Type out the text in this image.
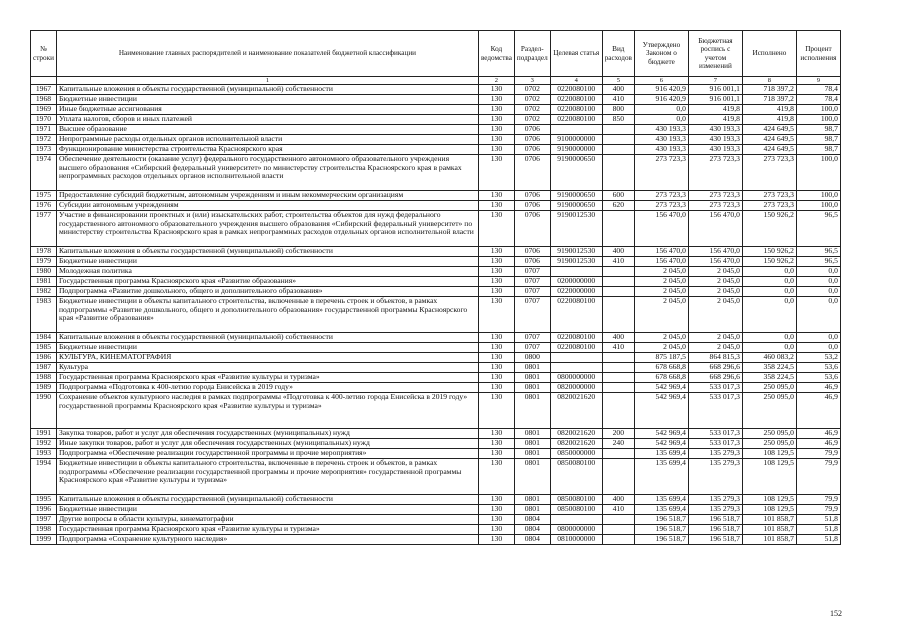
№
строки	Наименование главных распорядителей и наименование показателей бюджетной классификации	Код ведомства	Раздел-подраздел	Целевая статья	Вид расходов	Утверждено Законом о бюджете	Бюджетная роспись с учетом изменений	Исполнено	Процент исполнения
	1	2	3	4	5	6	7	8	9
1967	Капитальные вложения в объекты государственной (муниципальной) собственности	130	0702	0220080100	400	916 420,9	916 001,1	718 397,2	78,4
1968	Бюджетные инвестиции	130	0702	0220080100	410	916 420,9	916 001,1	718 397,2	78,4
1969	Иные бюджетные ассигнования	130	0702	0220080100	800	0,0	419,8	419,8	100,0
1970	Уплата налогов, сборов и иных платежей	130	0702	0220080100	850	0,0	419,8	419,8	100,0
1971	Высшее образование	130	0706			430 193,3	430 193,3	424 649,5	98,7
1972	Непрограммные расходы отдельных органов исполнительной власти	130	0706	9100000000		430 193,3	430 193,3	424 649,5	98,7
1973	Функционирование министерства строительства Красноярского края	130	0706	9190000000		430 193,3	430 193,3	424 649,5	98,7
1974	Обеспечение деятельности (оказание услуг) федерального государственного автономного образовательного учреждения высшего образования «Сибирский федеральный университет» по министерству строительства Красноярского края в рамках непрограммных расходов отдельных органов исполнительной власти	130	0706	9190000650		273 723,3	273 723,3	273 723,3	100,0
1975	Предоставление субсидий бюджетным, автономным учреждениям и иным некоммерческим организациям	130	0706	9190000650	600	273 723,3	273 723,3	273 723,3	100,0
1976	Субсидии автономным учреждениям	130	0706	9190000650	620	273 723,3	273 723,3	273 723,3	100,0
1977	Участие в финансировании проектных и (или) изыскательских работ, строительства объектов для нужд федерального государственного автономного образовательного учреждения высшего образования «Сибирский федеральный университет» по министерству строительства Красноярского края в рамках непрограммных расходов отдельных органов исполнительной власти	130	0706	9190012530		156 470,0	156 470,0	150 926,2	96,5
1978	Капитальные вложения в объекты государственной (муниципальной) собственности	130	0706	9190012530	400	156 470,0	156 470,0	150 926,2	96,5
1979	Бюджетные инвестиции	130	0706	9190012530	410	156 470,0	156 470,0	150 926,2	96,5
1980	Молодежная политика	130	0707			2 045,0	2 045,0	0,0	0,0
1981	Государственная программа Красноярского края «Развитие образования»	130	0707	0200000000		2 045,0	2 045,0	0,0	0,0
1982	Подпрограмма «Развитие дошкольного, общего и дополнительного образования»	130	0707	0220000000		2 045,0	2 045,0	0,0	0,0
1983	Бюджетные инвестиции в объекты капитального строительства, включенные в перечень строек и объектов, в рамках подпрограммы «Развитие дошкольного, общего и дополнительного образования» государственной программы Красноярского края «Развитие образования»	130	0707	0220080100		2 045,0	2 045,0	0,0	0,0
1984	Капитальные вложения в объекты государственной (муниципальной) собственности	130	0707	0220080100	400	2 045,0	2 045,0	0,0	0,0
1985	Бюджетные инвестиции	130	0707	0220080100	410	2 045,0	2 045,0	0,0	0,0
1986	КУЛЬТУРА, КИНЕМАТОГРАФИЯ	130	0800			875 187,5	864 815,3	460 083,2	53,2
1987	Культура	130	0801			678 668,8	668 296,6	358 224,5	53,6
1988	Государственная программа Красноярского края «Развитие культуры и туризма»	130	0801	0800000000		678 668,8	668 296,6	358 224,5	53,6
1989	Подпрограмма «Подготовка к 400-летию города Енисейска в 2019 году»	130	0801	0820000000		542 969,4	533 017,3	250 095,0	46,9
1990	Сохранение объектов культурного наследия в рамках подпрограммы «Подготовка к 400-летию города Енисейска в 2019 году» государственной программы Красноярского края «Развитие культуры и туризма»	130	0801	0820021620		542 969,4	533 017,3	250 095,0	46,9
1991	Закупка товаров, работ и услуг для обеспечения государственных (муниципальных) нужд	130	0801	0820021620	200	542 969,4	533 017,3	250 095,0	46,9
1992	Иные закупки товаров, работ и услуг для обеспечения государственных (муниципальных) нужд	130	0801	0820021620	240	542 969,4	533 017,3	250 095,0	46,9
1993	Подпрограмма «Обеспечение реализации государственной программы и прочие мероприятия»	130	0801	0850000000		135 699,4	135 279,3	108 129,5	79,9
1994	Бюджетные инвестиции в объекты капитального строительства, включенные в перечень строек и объектов, в рамках подпрограммы «Обеспечение реализации государственной программы и прочие мероприятия» государственной программы Красноярского края «Развитие культуры и туризма»	130	0801	0850080100		135 699,4	135 279,3	108 129,5	79,9
1995	Капитальные вложения в объекты государственной (муниципальной) собственности	130	0801	0850080100	400	135 699,4	135 279,3	108 129,5	79,9
1996	Бюджетные инвестиции	130	0801	0850080100	410	135 699,4	135 279,3	108 129,5	79,9
1997	Другие вопросы в области культуры, кинематографии	130	0804			196 518,7	196 518,7	101 858,7	51,8
1998	Государственная программа Красноярского края «Развитие культуры и туризма»	130	0804	0800000000		196 518,7	196 518,7	101 858,7	51,8
1999	Подпрограмма «Сохранение культурного наследия»	130	0804	0810000000		196 518,7	196 518,7	101 858,7	51,8
152
